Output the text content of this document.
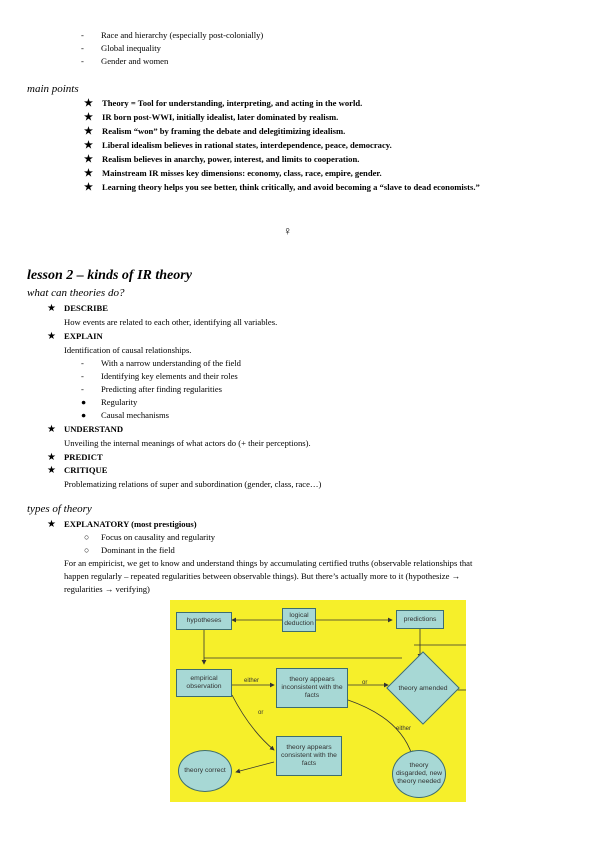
- Race and hierarchy (especially post-colonially)
- Global inequality
- Gender and women
main points
★ Theory = Tool for understanding, interpreting, and acting in the world.
★ IR born post-WWI, initially idealist, later dominated by realism.
★ Realism “won” by framing the debate and delegitimizing idealism.
★ Liberal idealism believes in rational states, interdependence, peace, democracy.
★ Realism believes in anarchy, power, interest, and limits to cooperation.
★ Mainstream IR misses key dimensions: economy, class, race, empire, gender.
★ Learning theory helps you see better, think critically, and avoid becoming a “slave to dead economists.”
♀
lesson 2 – kinds of IR theory
what can theories do?
★ DESCRIBE
How events are related to each other, identifying all variables.
★ EXPLAIN
Identification of causal relationships.
- With a narrow understanding of the field
- Identifying key elements and their roles
- Predicting after finding regularities
● Regularity
● Causal mechanisms
★ UNDERSTAND
Unveiling the internal meanings of what actors do (+ their perceptions).
★ PREDICT
★ CRITIQUE
Problematizing relations of super and subordination (gender, class, race…)
types of theory
★ EXPLANATORY (most prestigious)
○ Focus on causality and regularity
○ Dominant in the field
For an empiricist, we get to know and understand things by accumulating certified truths (observable relationships that
happen regularly – repeated regularities between observable things). But there’s actually more to it (hypothesize →
regularities → verifying)
hypotheses
logical deduction
predictions
empirical observation
theory appears inconsistent with the facts
theory amended
theory appears consistent with the facts
theory correct
theory disgarded, new theory needed
either	or
or
either
